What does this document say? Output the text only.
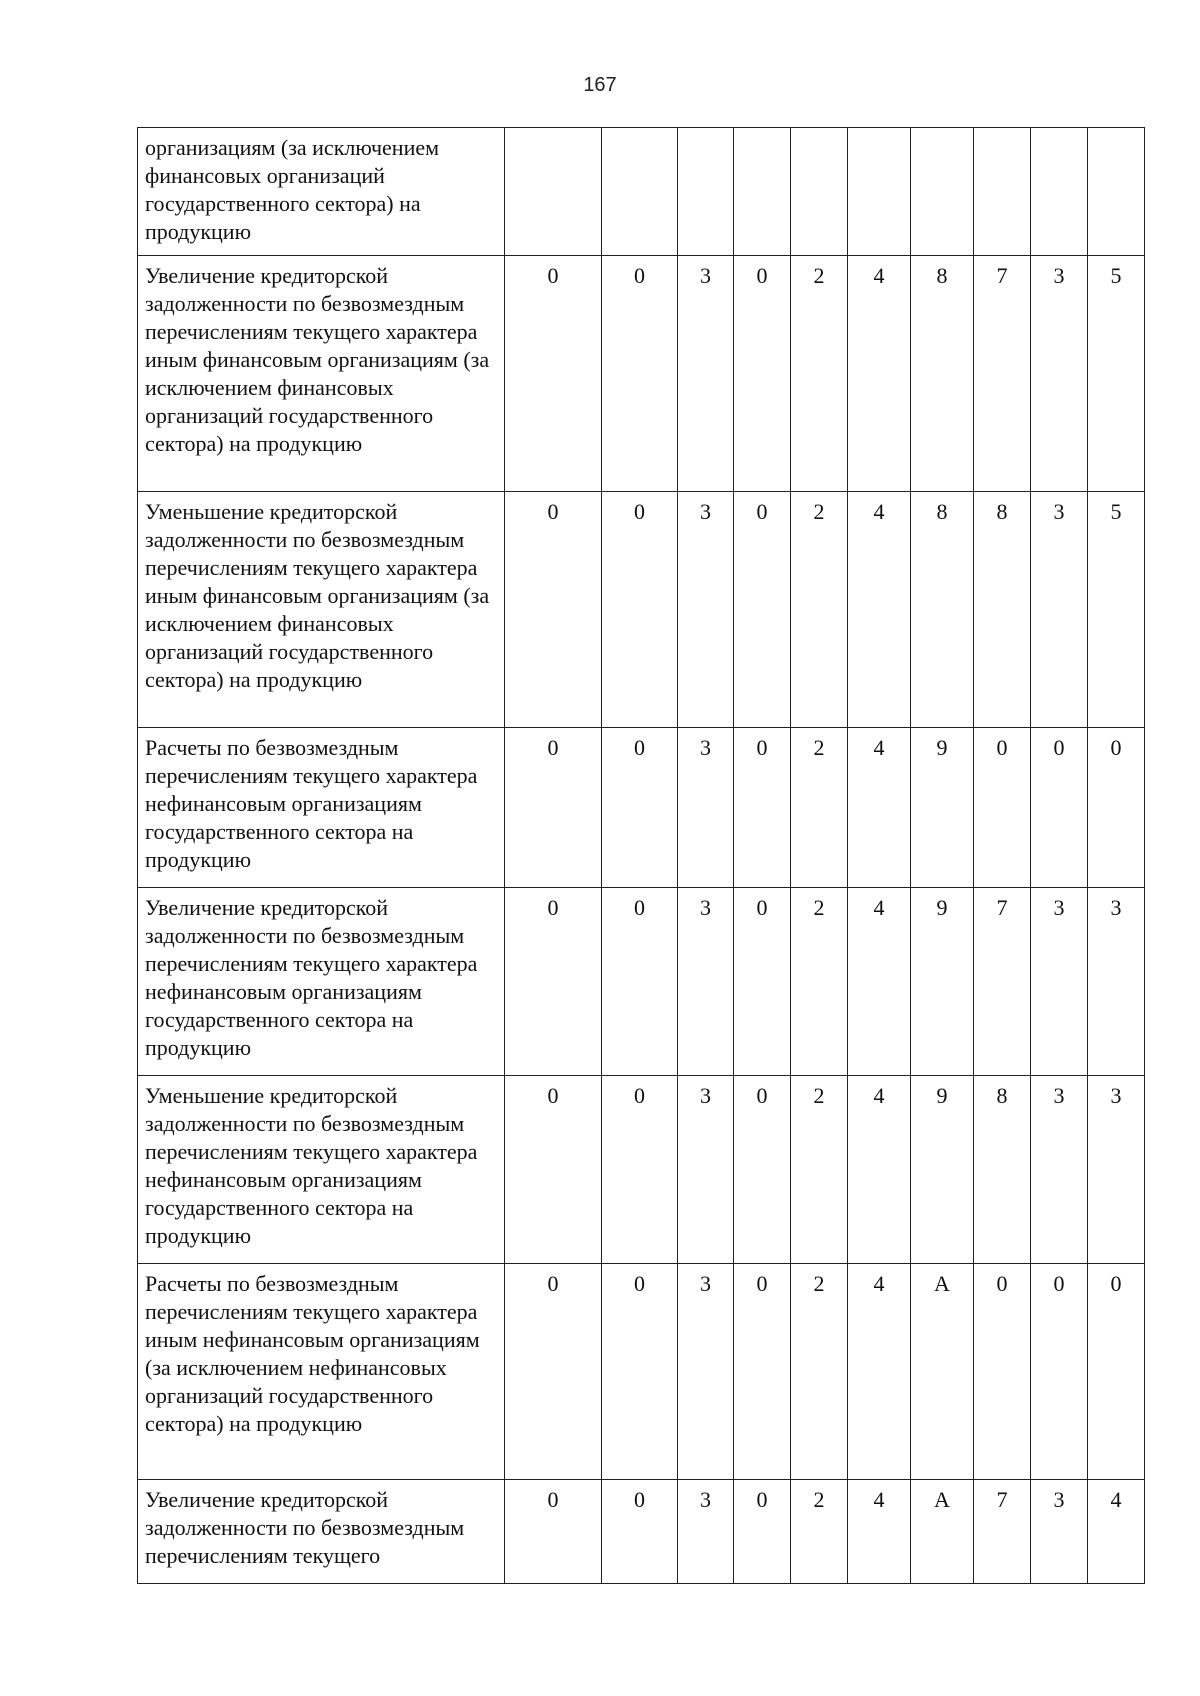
167
организациям (за исключением финансовых организаций государственного сектора) на продукцию										
Увеличение кредиторской задолженности по безвозмездным перечислениям текущего характера иным финансовым организациям (за исключением финансовых организаций государственного сектора) на продукцию	0	0	3	0	2	4	8	7	3	5
Уменьшение кредиторской задолженности по безвозмездным перечислениям текущего характера иным финансовым организациям (за исключением финансовых организаций государственного сектора) на продукцию	0	0	3	0	2	4	8	8	3	5
Расчеты по безвозмездным перечислениям текущего характера нефинансовым организациям государственного сектора на продукцию	0	0	3	0	2	4	9	0	0	0
Увеличение кредиторской задолженности по безвозмездным перечислениям текущего характера нефинансовым организациям государственного сектора на продукцию	0	0	3	0	2	4	9	7	3	3
Уменьшение кредиторской задолженности по безвозмездным перечислениям текущего характера нефинансовым организациям государственного сектора на продукцию	0	0	3	0	2	4	9	8	3	3
Расчеты по безвозмездным перечислениям текущего характера иным нефинансовым организациям (за исключением нефинансовых организаций государственного сектора) на продукцию	0	0	3	0	2	4	А	0	0	0
Увеличение кредиторской задолженности по безвозмездным перечислениям текущего	0	0	3	0	2	4	А	7	3	4
